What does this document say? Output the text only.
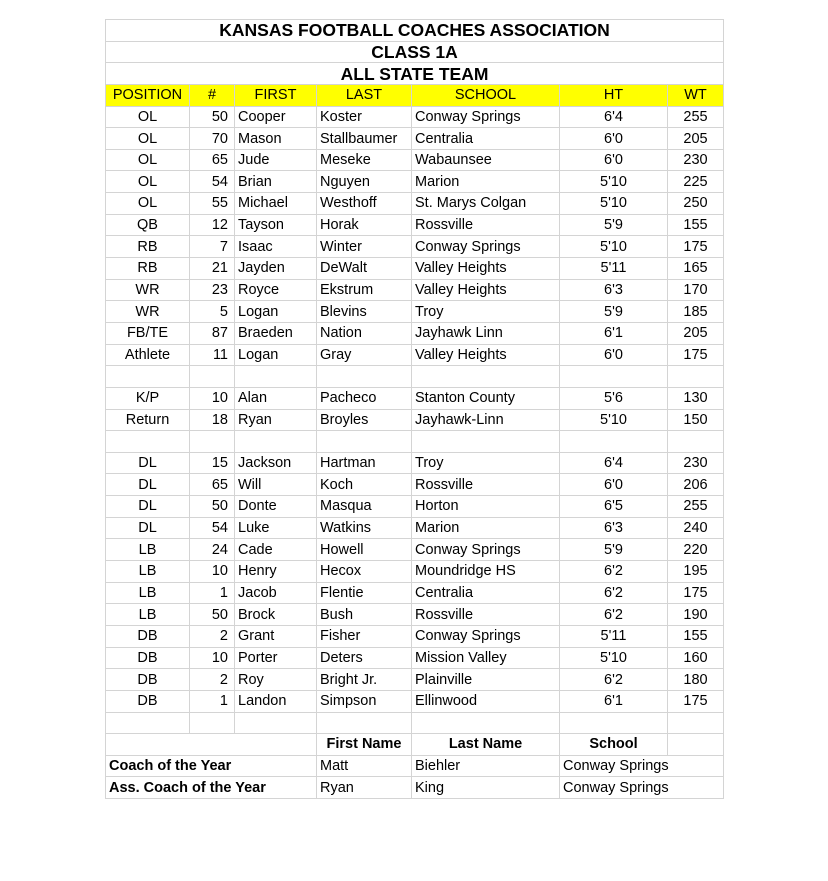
KANSAS FOOTBALL COACHES ASSOCIATION						
CLASS 1A						
ALL STATE TEAM						
POSITION	#	FIRST	LAST	SCHOOL	HT	WT
OL	50	Cooper	Koster	Conway Springs	6'4	255
OL	70	Mason	Stallbaumer	Centralia	6'0	205
OL	65	Jude	Meseke	Wabaunsee	6'0	230
OL	54	Brian	Nguyen	Marion	5'10	225
OL	55	Michael	Westhoff	St. Marys Colgan	5'10	250
QB	12	Tayson	Horak	Rossville	5'9	155
RB	7	Isaac	Winter	Conway Springs	5'10	175
RB	21	Jayden	DeWalt	Valley Heights	5'11	165
WR	23	Royce	Ekstrum	Valley Heights	6'3	170
WR	5	Logan	Blevins	Troy	5'9	185
FB/TE	87	Braeden	Nation	Jayhawk Linn	6'1	205
Athlete	11	Logan	Gray	Valley Heights	6'0	175

K/P	10	Alan	Pacheco	Stanton County	5'6	130
Return	18	Ryan	Broyles	Jayhawk-Linn	5'10	150

DL	15	Jackson	Hartman	Troy	6'4	230
DL	65	Will	Koch	Rossville	6'0	206
DL	50	Donte	Masqua	Horton	6'5	255
DL	54	Luke	Watkins	Marion	6'3	240
LB	24	Cade	Howell	Conway Springs	5'9	220
LB	10	Henry	Hecox	Moundridge HS	6'2	195
LB	1	Jacob	Flentie	Centralia	6'2	175
LB	50	Brock	Bush	Rossville	6'2	190
DB	2	Grant	Fisher	Conway Springs	5'11	155
DB	10	Porter	Deters	Mission Valley	5'10	160
DB	2	Roy	Bright Jr.	Plainville	6'2	180
DB	1	Landon	Simpson	Ellinwood	6'1	175

			First Name	Last Name	School	
Coach of the Year			Matt	Biehler	Conway Springs	
Ass. Coach of the Year			Ryan	King	Conway Springs	
